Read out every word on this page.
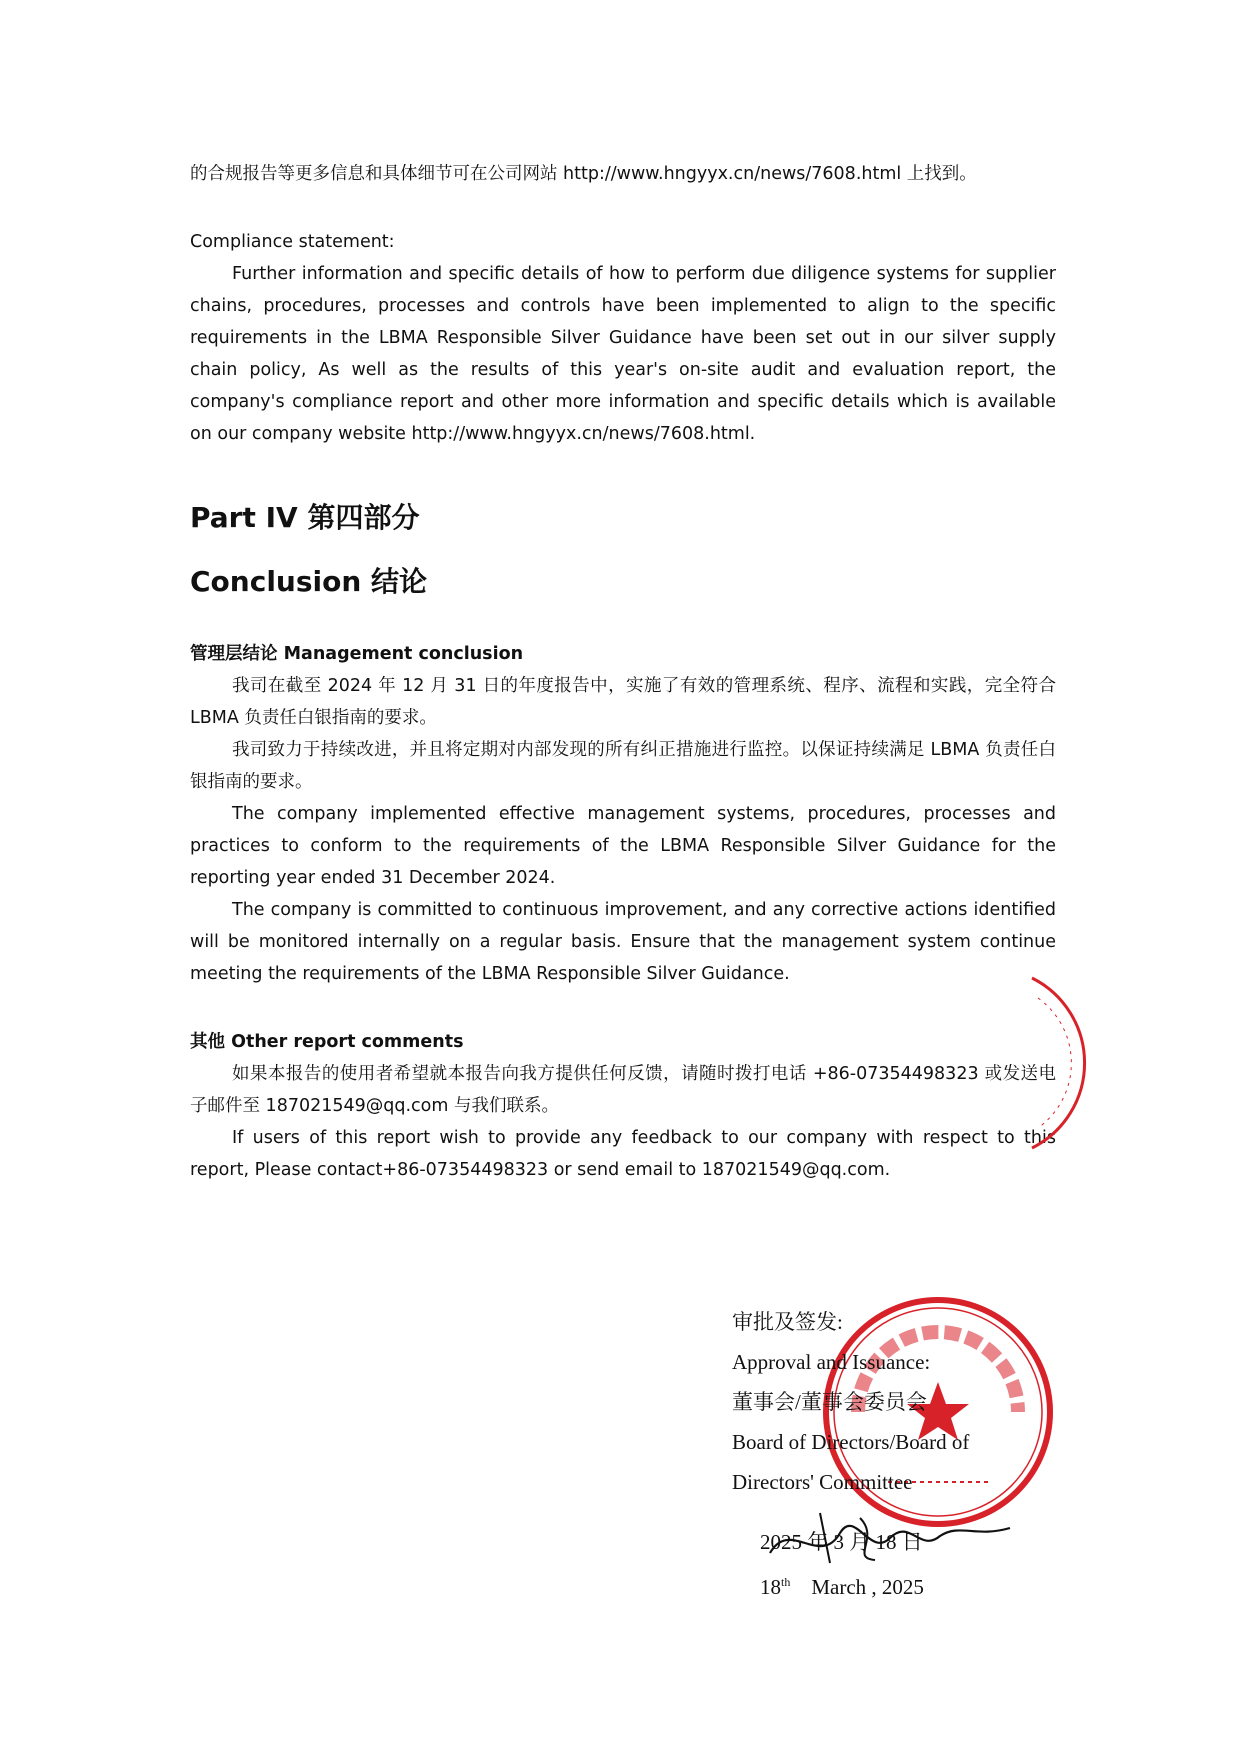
的合规报告等更多信息和具体细节可在公司网站 http://www.hngyyx.cn/news/7608.html 上找到。

Compliance statement:

Further information and specific details of how to perform due diligence systems for supplier chains, procedures, processes and controls have been implemented to align to the specific requirements in the LBMA Responsible Silver Guidance have been set out in our silver supply chain policy, As well as the results of this year's on-site audit and evaluation report, the company's compliance report and other more information and specific details which is available on our company website http://www.hngyyx.cn/news/7608.html.

Part IV 第四部分

Conclusion 结论

管理层结论 Management conclusion

我司在截至 2024 年 12 月 31 日的年度报告中，实施了有效的管理系统、程序、流程和实践，完全符合 LBMA 负责任白银指南的要求。

我司致力于持续改进，并且将定期对内部发现的所有纠正措施进行监控。以保证持续满足 LBMA 负责任白银指南的要求。

The company implemented effective management systems, procedures, processes and practices to conform to the requirements of the LBMA Responsible Silver Guidance for the reporting year ended 31 December 2024.

The company is committed to continuous improvement, and any corrective actions identified will be monitored internally on a regular basis. Ensure that the management system continue meeting the requirements of the LBMA Responsible Silver Guidance.

其他 Other report comments

如果本报告的使用者希望就本报告向我方提供任何反馈，请随时拨打电话 +86-07354498323 或发送电子邮件至 187021549@qq.com 与我们联系。

If users of this report wish to provide any feedback to our company with respect to this report, Please contact+86-07354498323 or send email to 187021549@qq.com.

审批及签发:
Approval and Issuance:
董事会/董事会委员会
Board of Directors/Board of
Directors' Committee
2025 年 3 月 18 日
18th March , 2025
